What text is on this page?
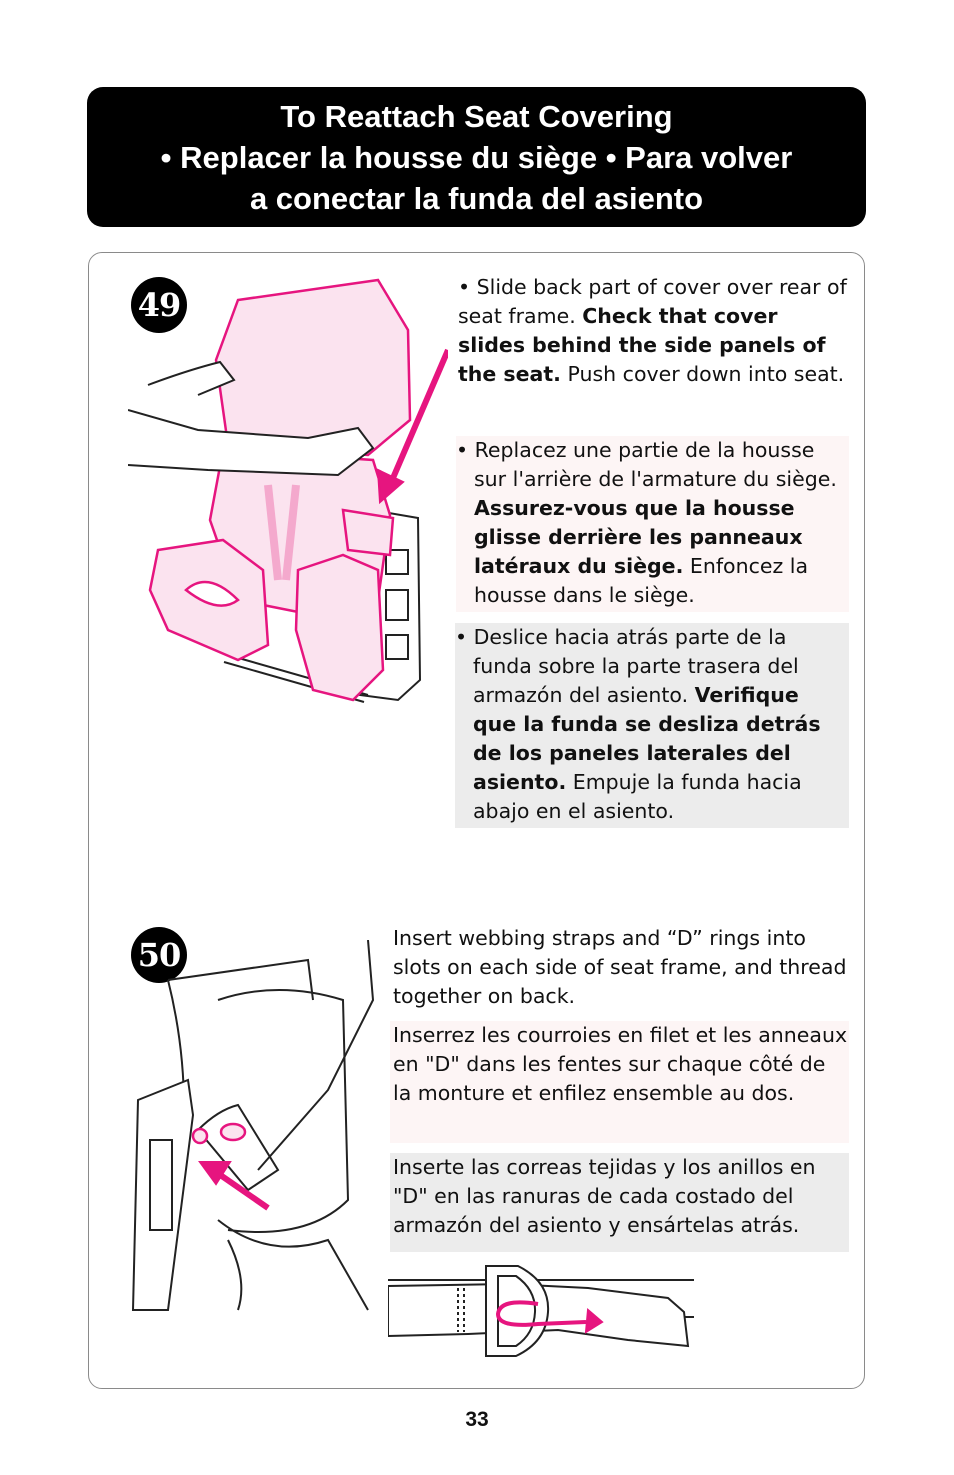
To Reattach Seat Covering
• Replacer la housse du siège • Para volver
a conectar la funda del asiento
49	• Slide back part of cover over rear of seat frame. Check that cover slides behind the side panels of the seat. Push cover down into seat.
• Replacez une partie de la housse sur l'arrière de l'armature du siège. Assurez-vous que la housse glisse derrière les panneaux latéraux du siège. Enfoncez la housse dans le siège.
• Deslice hacia atrás parte de la funda sobre la parte trasera del armazón del asiento. Verifique que la funda se desliza detrás de los paneles laterales del asiento. Empuje la funda hacia abajo en el asiento.
50	Insert webbing straps and “D” rings into slots on each side of seat frame, and thread together on back.
Inserrez les courroies en filet et les anneaux en "D" dans les fentes sur chaque côté de la monture et enfilez ensemble au dos.
Inserte las correas tejidas y los anillos en "D" en las ranuras de cada costado del armazón del asiento y ensártelas atrás.
33
